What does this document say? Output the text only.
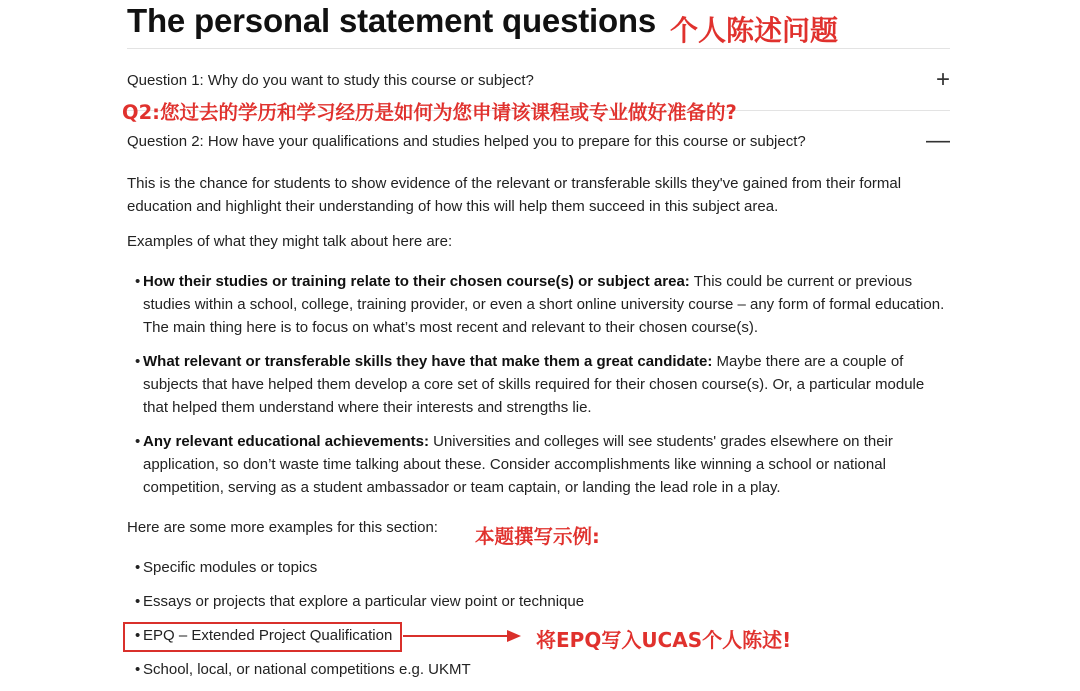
The personal statement questions 个人陈述问题
Question 1: Why do you want to study this course or subject?	+
Q2:您过去的学历和学习经历是如何为您申请该课程或专业做好准备的?
Question 2: How have your qualifications and studies helped you to prepare for this course or subject?	—
This is the chance for students to show evidence of the relevant or transferable skills they've gained from their formal education and highlight their understanding of how this will help them succeed in this subject area.
Examples of what they might talk about here are:
• How their studies or training relate to their chosen course(s) or subject area: This could be current or previous studies within a school, college, training provider, or even a short online university course – any form of formal education. The main thing here is to focus on what’s most recent and relevant to their chosen course(s).
• What relevant or transferable skills they have that make them a great candidate: Maybe there are a couple of subjects that have helped them develop a core set of skills required for their chosen course(s). Or, a particular module that helped them understand where their interests and strengths lie.
• Any relevant educational achievements: Universities and colleges will see students' grades elsewhere on their application, so don’t waste time talking about these. Consider accomplishments like winning a school or national competition, serving as a student ambassador or team captain, or landing the lead role in a play.
Here are some more examples for this section:	本题撰写示例:
• Specific modules or topics
• Essays or projects that explore a particular view point or technique
• EPQ – Extended Project Qualification	将EPQ写入UCAS个人陈述!
• School, local, or national competitions e.g. UKMT
